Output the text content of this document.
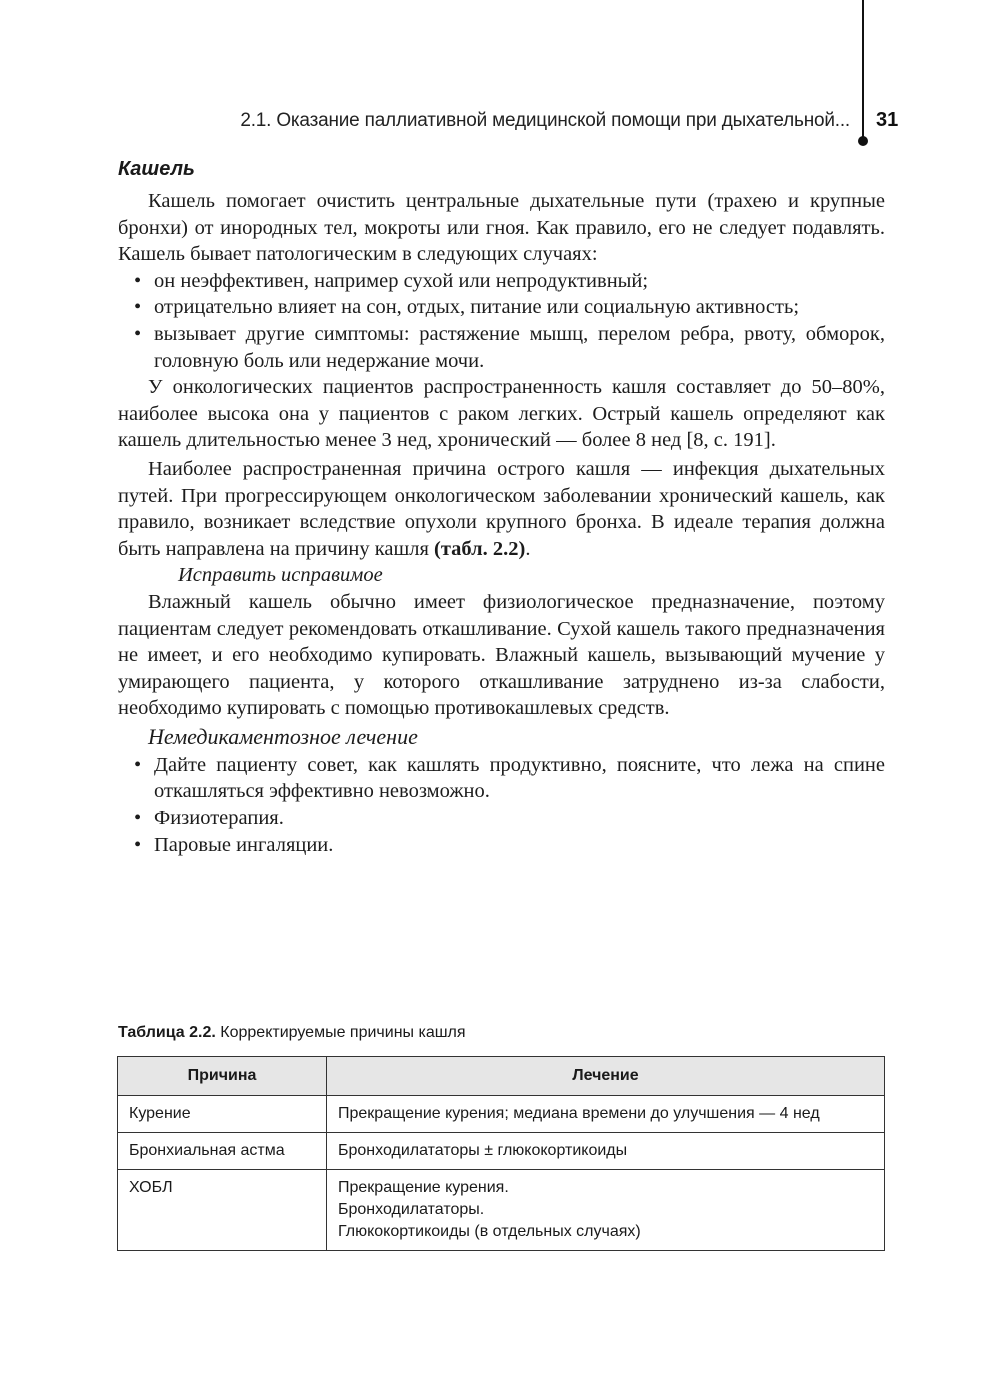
2.1. Оказание паллиативной медицинской помощи при дыхательной... 31
Кашель

Кашель помогает очистить центральные дыхательные пути (трахею и крупные бронхи) от инородных тел, мокроты или гноя. Как правило, его не следует подавлять. Кашель бывает патологическим в следующих случаях:

• он неэффективен, например сухой или непродуктивный;
• отрицательно влияет на сон, отдых, питание или социальную активность;
• вызывает другие симптомы: растяжение мышц, перелом ребра, рвоту, обморок, головную боль или недержание мочи.

У онкологических пациентов распространенность кашля составляет до 50–80%, наиболее высока она у пациентов с раком легких. Острый кашель определяют как кашель длительностью менее 3 нед, хронический — более 8 нед [8, с. 191].

Наиболее распространенная причина острого кашля — инфекция дыхательных путей. При прогрессирующем онкологическом заболевании хронический кашель, как правило, возникает вследствие опухоли крупного бронха. В идеале терапия должна быть направлена на причину кашля (табл. 2.2).

Исправить исправимое

Влажный кашель обычно имеет физиологическое предназначение, поэтому пациентам следует рекомендовать откашливание. Сухой кашель такого предназначения не имеет, и его необходимо купировать. Влажный кашель, вызывающий мучение у умирающего пациента, у которого откашливание затруднено из-за слабости, необходимо купировать с помощью противокашлевых средств.

Немедикаментозное лечение

• Дайте пациенту совет, как кашлять продуктивно, поясните, что лежа на спине откашляться эффективно невозможно.
• Физиотерапия.
• Паровые ингаляции.

Таблица 2.2. Корректируемые причины кашля

Причина	Лечение
Курение	Прекращение курения; медиана времени до улучшения — 4 нед

Бронхиальная астма	Бронходилататоры ± глюкокортикоиды

ХОБЛ	Прекращение курения.
Бронходилататоры.
Глюкокортикоиды (в отдельных случаях)
